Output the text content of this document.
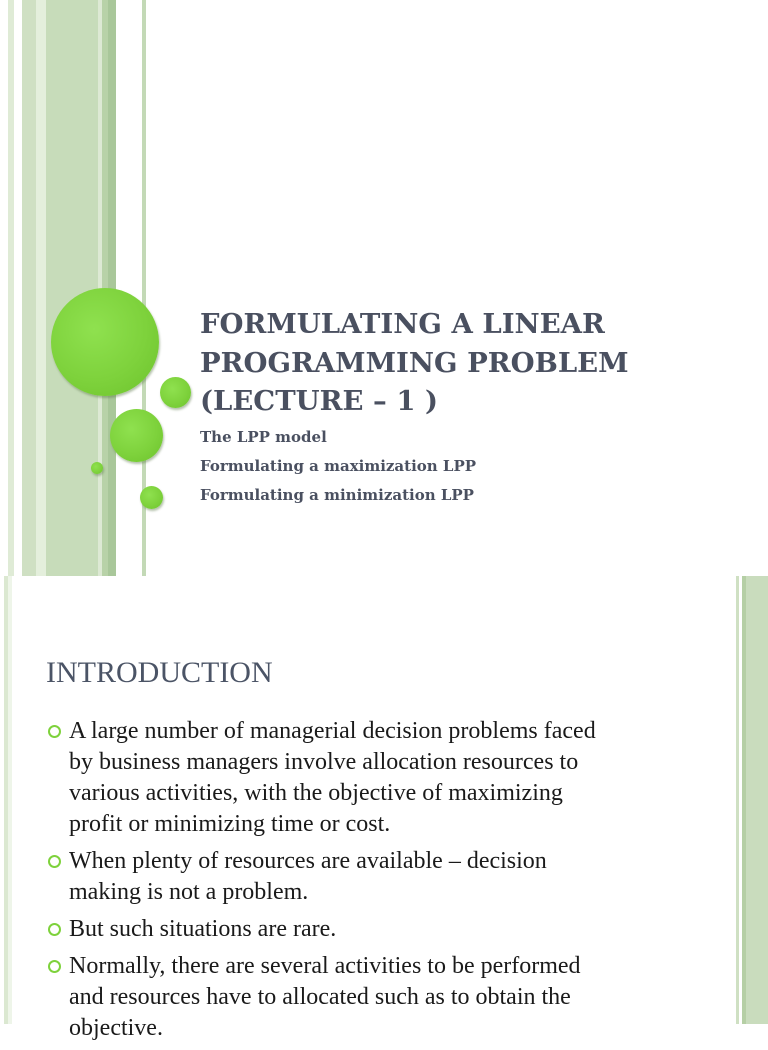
FORMULATING A LINEAR
PROGRAMMING PROBLEM
(LECTURE – 1 )
The LPP model
Formulating a maximization LPP
Formulating a minimization LPP
INTRODUCTION
A large number of managerial decision problems faced
by business managers involve allocation resources to
various activities, with the objective of maximizing
profit or minimizing time or cost.
When plenty of resources are available – decision
making is not a problem.
But such situations are rare.
Normally, there are several activities to be performed
and resources have to allocated such as to obtain the
objective.
